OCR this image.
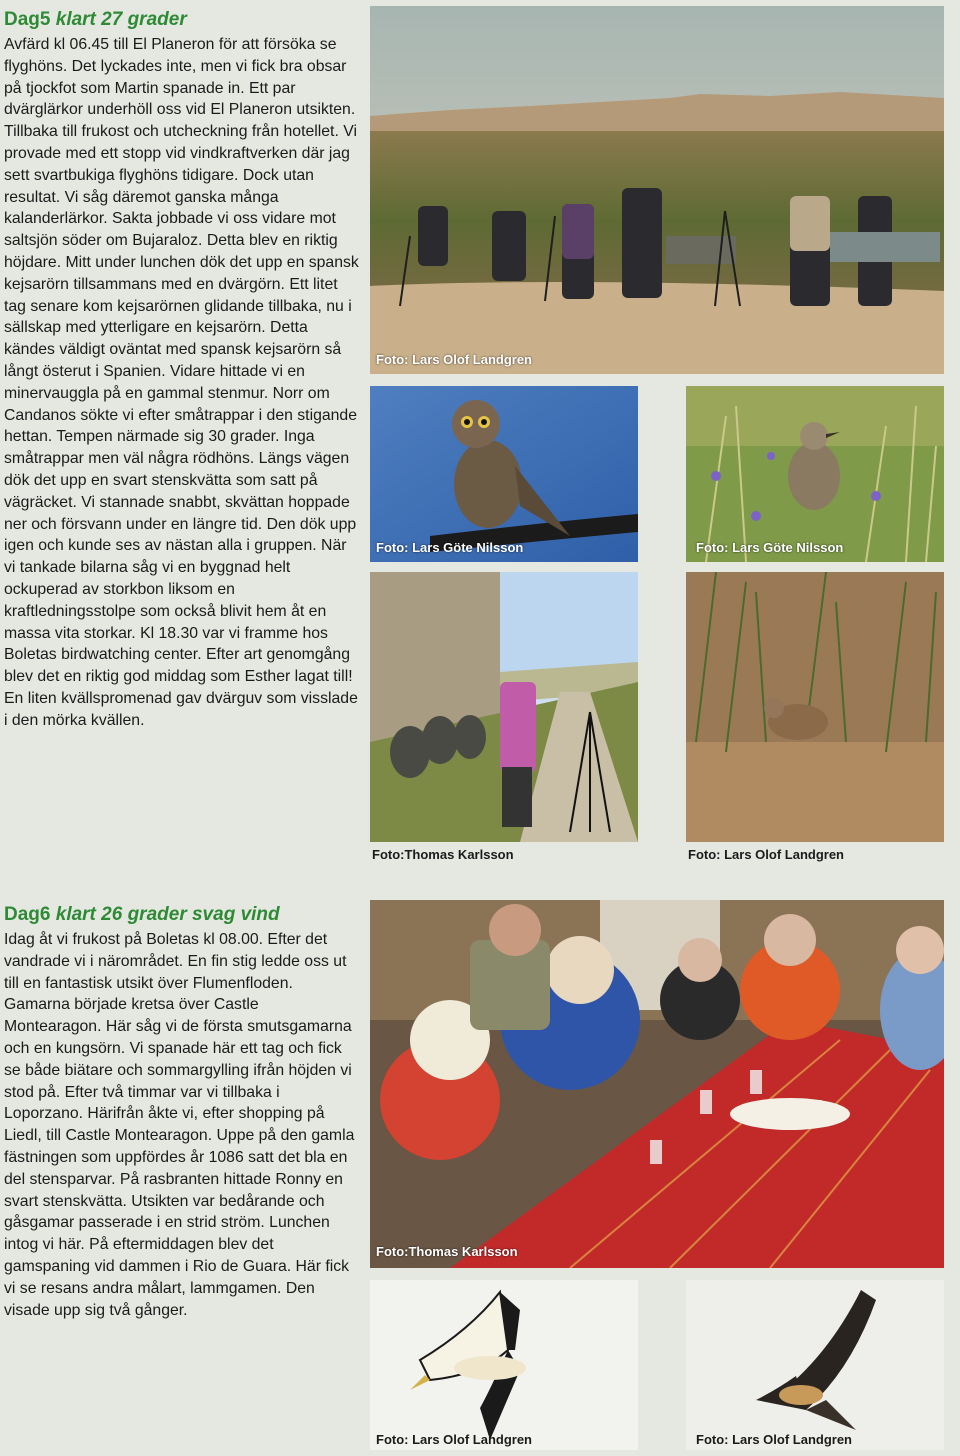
Dag5 klart 27 grader

Avfärd kl 06.45 till El Planeron för att försöka se flyghöns. Det lyckades inte, men vi fick bra obsar på tjockfot som Martin spanade in. Ett par dvärglärkor underhöll oss vid El Planeron utsikten. Tillbaka till frukost och utcheckning från hotellet. Vi provade med ett stopp vid vindkraftverken där jag sett svartbukiga flyghöns tidigare. Dock utan resultat. Vi såg däremot ganska många kalanderlärkor. Sakta jobbade vi oss vidare mot saltsjön söder om Bujaraloz. Detta blev en riktig höjdare. Mitt under lunchen dök det upp en spansk kejsarörn tillsammans med en dvärgörn. Ett litet tag senare kom kejsarörnen glidande tillbaka, nu i sällskap med ytterligare en kejsarörn. Detta kändes väldigt oväntat med spansk kejsarörn så långt österut i Spanien. Vidare hittade vi en minervauggla på en gammal stenmur. Norr om Candanos sökte vi efter småtrappar i den stigande hettan. Tempen närmade sig 30 grader. Inga småtrappar men väl några rödhöns. Längs vägen dök det upp en svart stenskvätta som satt på vägräcket. Vi stannade snabbt, skvättan hoppade ner och försvann under en längre tid. Den dök upp igen och kunde ses av nästan alla i gruppen. När vi tankade bilarna såg vi en byggnad helt ockuperad av storkbon liksom en kraftledningsstolpe som också blivit hem åt en massa vita storkar. Kl 18.30 var vi framme hos Boletas birdwatching center. Efter art genomgång blev det en riktig god middag som Esther lagat till! En liten kvällspromenad gav dvärguv som visslade i den mörka kvällen.

Dag6 klart 26 grader svag vind

Idag åt vi frukost på Boletas kl 08.00. Efter det vandrade vi i närområdet. En fin stig ledde oss ut till en fantastisk utsikt över Flumenfloden. Gamarna började kretsa över Castle Montearagon. Här såg vi de första smutsgamarna och en kungsörn. Vi spanade här ett tag och fick se både biätare och sommargylling ifrån höjden vi stod på. Efter två timmar var vi tillbaka i Loporzano. Härifrån åkte vi, efter shopping på Liedl, till Castle Montearagon. Uppe på den gamla fästningen som uppfördes år 1086 satt det bla en del stensparvar. På rasbranten hittade Ronny en svart stenskvätta. Utsikten var bedårande och gåsgamar passerade i en strid ström. Lunchen intog vi här. På eftermiddagen blev det gamspaning vid dammen i Rio de Guara. Här fick vi se resans andra målart, lammgamen. Den visade upp sig två gånger.

Foto: Lars Olof Landgren
Foto: Lars Göte Nilsson	Foto: Lars Göte Nilsson
Foto:Thomas Karlsson	Foto: Lars Olof Landgren
Foto:Thomas Karlsson
Foto: Lars Olof Landgren	Foto: Lars Olof Landgren
